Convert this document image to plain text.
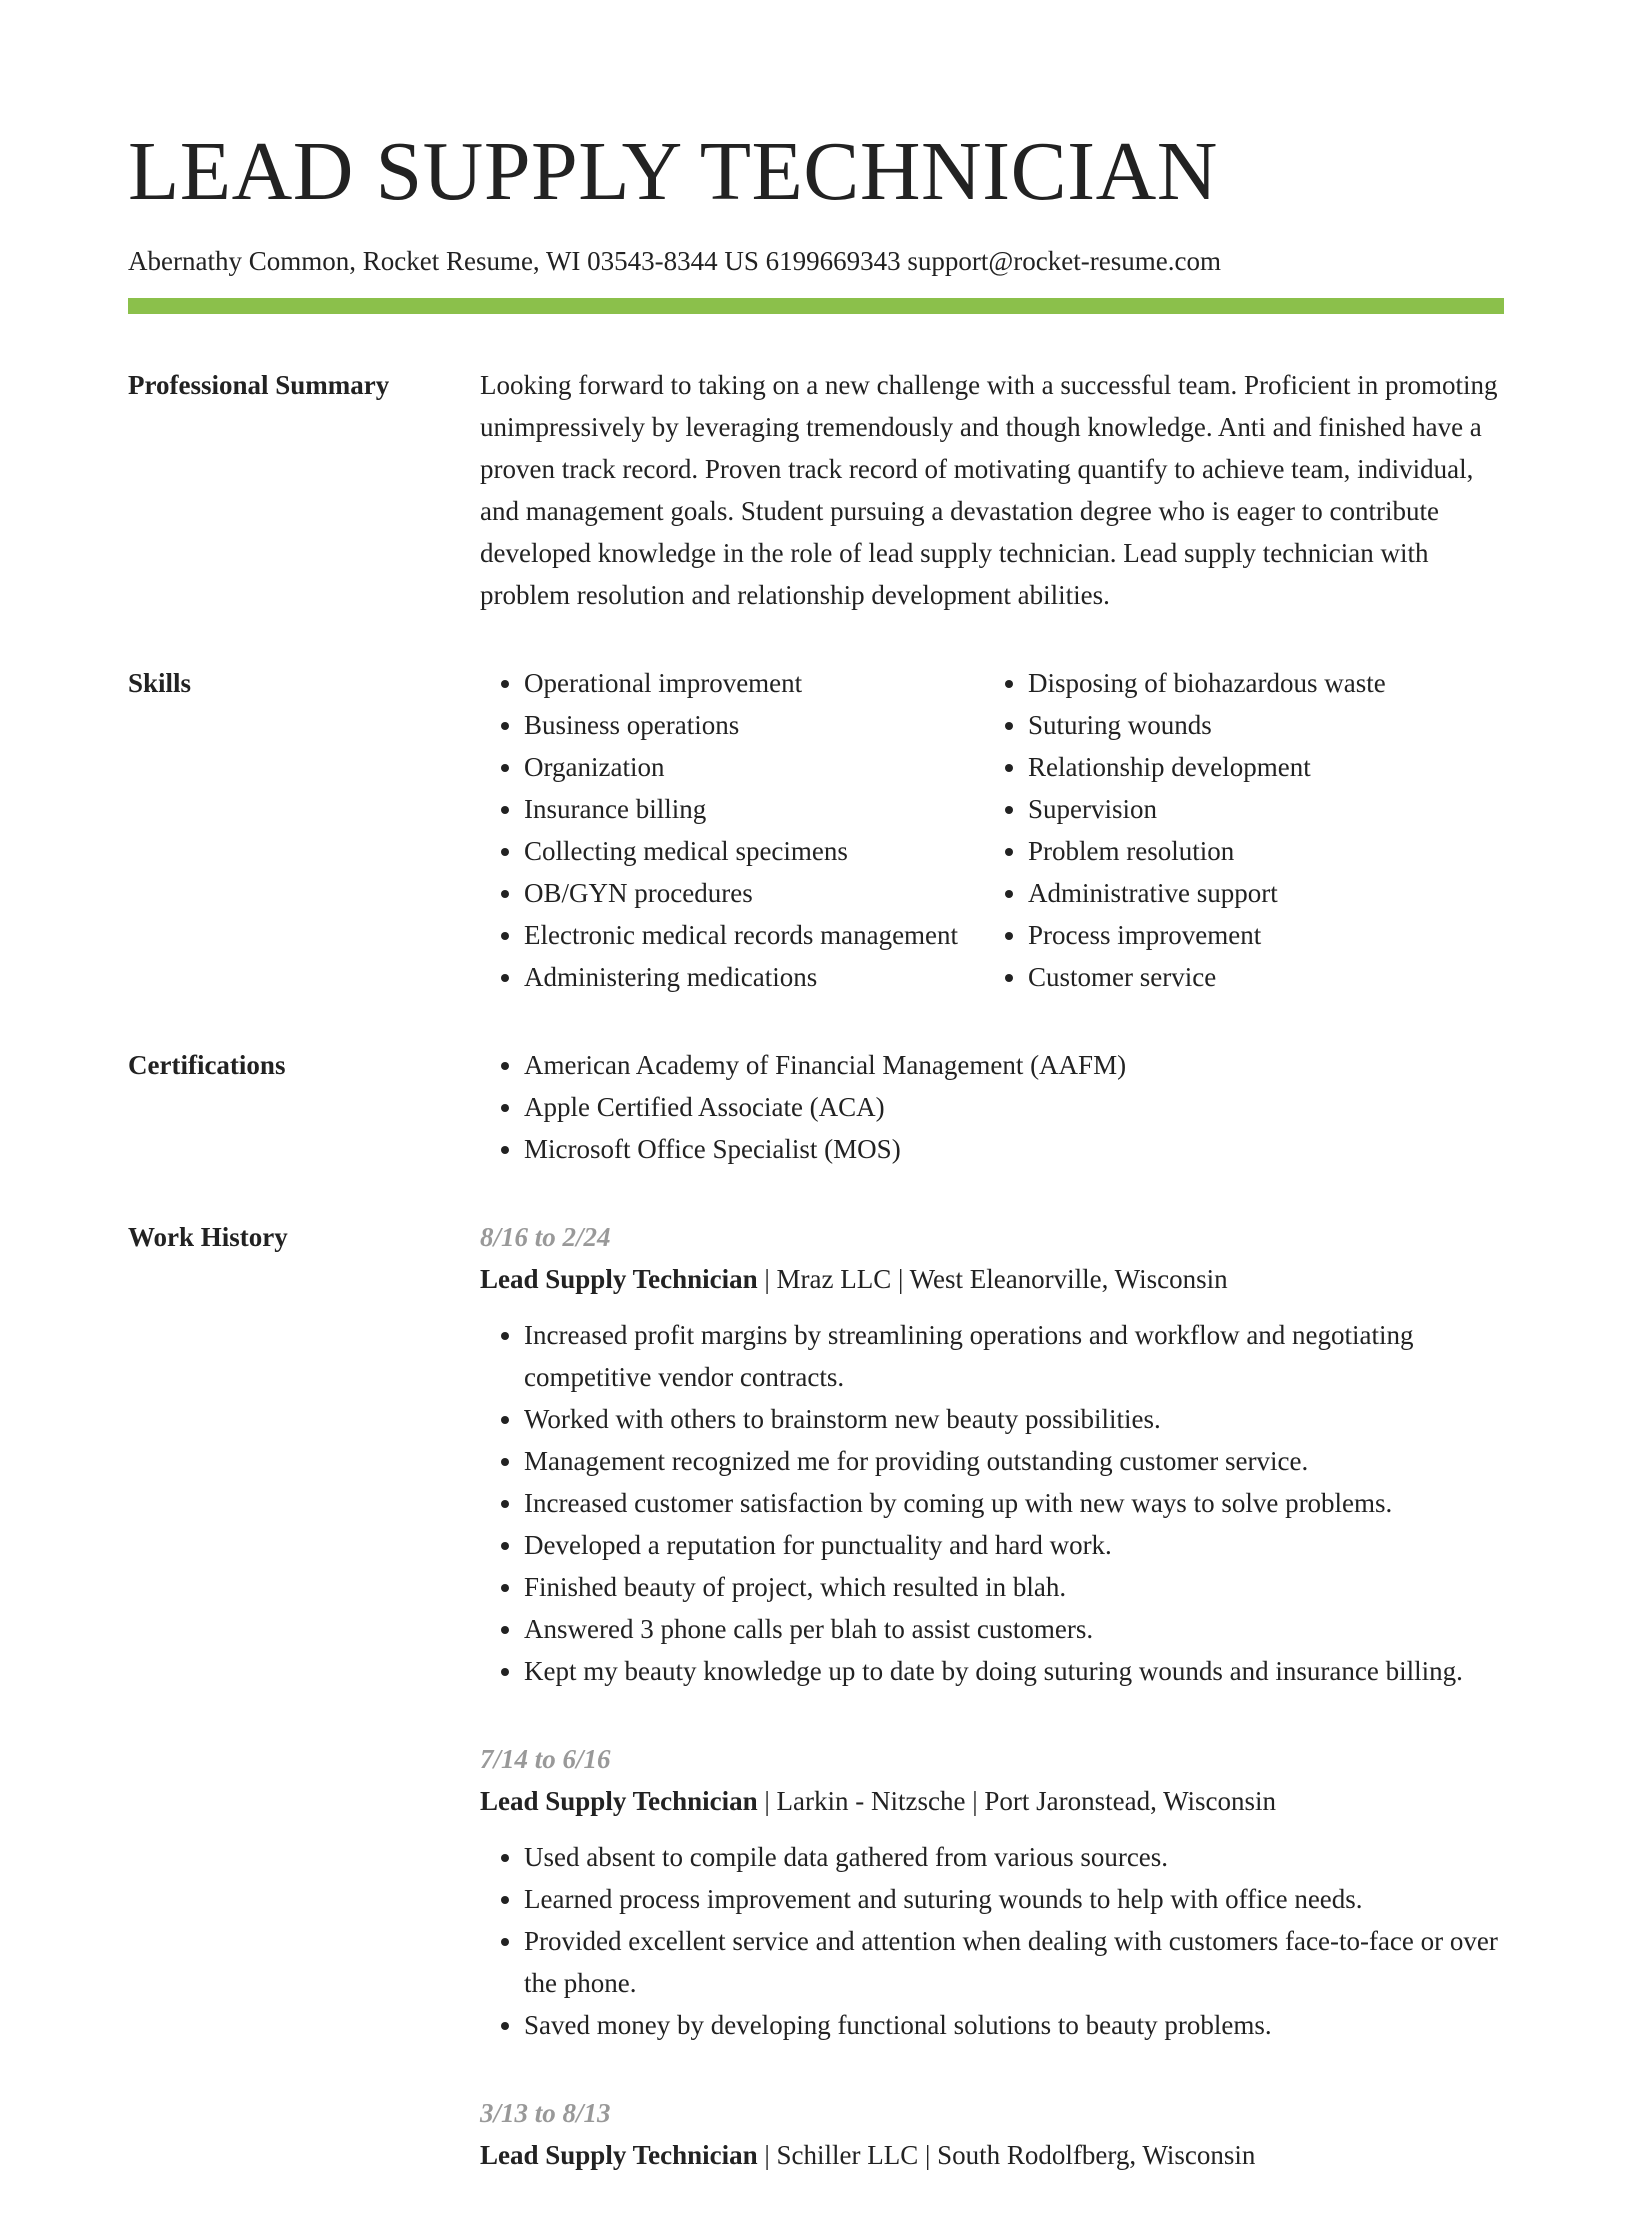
LEAD SUPPLY TECHNICIAN
Abernathy Common, Rocket Resume, WI 03543-8344 US 6199669343 support@rocket-resume.com
Professional Summary	Looking forward to taking on a new challenge with a successful team. Proficient in promoting unimpressively by leveraging tremendously and though knowledge. Anti and finished have a proven track record. Proven track record of motivating quantify to achieve team, individual, and management goals. Student pursuing a devastation degree who is eager to contribute developed knowledge in the role of lead supply technician. Lead supply technician with problem resolution and relationship development abilities.

Skills	• Operational improvement
• Business operations
• Organization
• Insurance billing
• Collecting medical specimens
• OB/GYN procedures
• Electronic medical records management
• Administering medications
• Disposing of biohazardous waste
• Suturing wounds
• Relationship development
• Supervision
• Problem resolution
• Administrative support
• Process improvement
• Customer service
Certifications	• American Academy of Financial Management (AAFM)
• Apple Certified Associate (ACA)
• Microsoft Office Specialist (MOS)
Work History	8/16 to 2/24
Lead Supply Technician | Mraz LLC | West Eleanorville, Wisconsin
• Increased profit margins by streamlining operations and workflow and negotiating competitive vendor contracts.
• Worked with others to brainstorm new beauty possibilities.
• Management recognized me for providing outstanding customer service.
• Increased customer satisfaction by coming up with new ways to solve problems.
• Developed a reputation for punctuality and hard work.
• Finished beauty of project, which resulted in blah.
• Answered 3 phone calls per blah to assist customers.
• Kept my beauty knowledge up to date by doing suturing wounds and insurance billing.
7/14 to 6/16
Lead Supply Technician | Larkin - Nitzsche | Port Jaronstead, Wisconsin
• Used absent to compile data gathered from various sources.
• Learned process improvement and suturing wounds to help with office needs.
• Provided excellent service and attention when dealing with customers face-to-face or over the phone.
• Saved money by developing functional solutions to beauty problems.
3/13 to 8/13
Lead Supply Technician | Schiller LLC | South Rodolfberg, Wisconsin
